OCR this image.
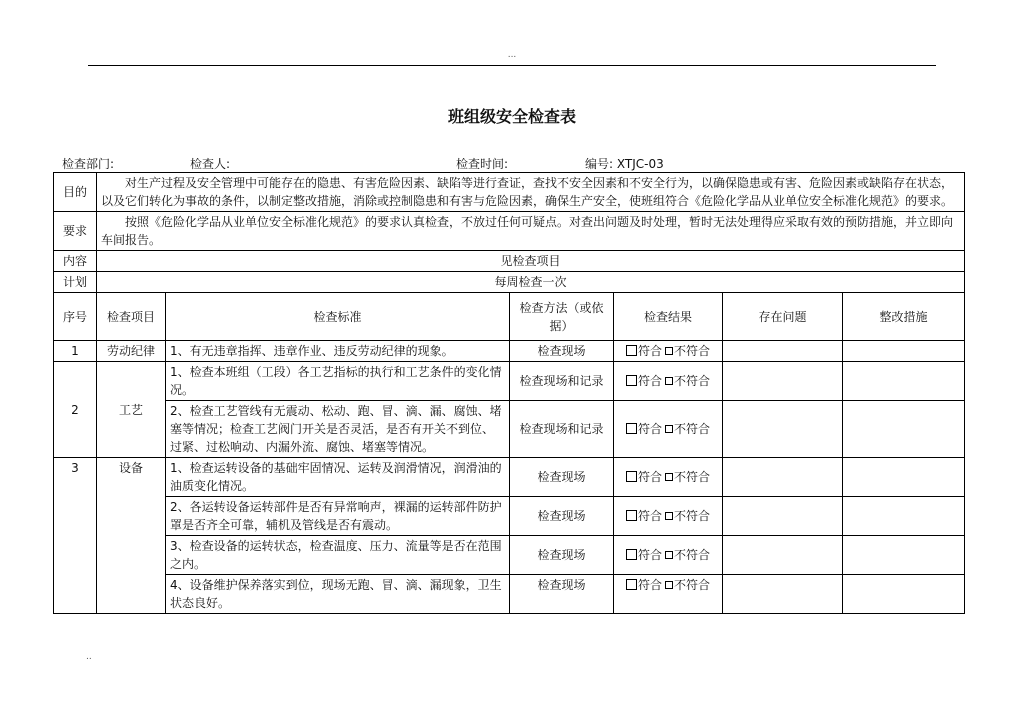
...
班组级安全检查表
检查部门:	检查人:	检查时间:	编号: XTJC-03
目的	对生产过程及安全管理中可能存在的隐患、有害危险因素、缺陷等进行查证，查找不安全因素和不安全行为，以确保隐患或有害、危险因素或缺陷存在状态，以及它们转化为事故的条件，以制定整改措施，消除或控制隐患和有害与危险因素，确保生产安全，使班组符合《危险化学品从业单位安全标准化规范》的要求。					
要求	按照《危险化学品从业单位安全标准化规范》的要求认真检查，不放过任何可疑点。对查出问题及时处理，暂时无法处理得应采取有效的预防措施，并立即向车间报告。					
内容	见检查项目					
计划	每周检查一次					
序号	检查项目	检查标准	检查方法（或依据）	检查结果	存在问题	整改措施
1	劳动纪律	1、有无违章指挥、违章作业、违反劳动纪律的现象。	检查现场	符合 不符合		
2	工艺	1、检查本班组（工段）各工艺指标的执行和工艺条件的变化情况。	检查现场和记录	符合 不符合		
		2、检查工艺管线有无震动、松动、跑、冒、滴、漏、腐蚀、堵塞等情况；检查工艺阀门开关是否灵活，是否有开关不到位、过紧、过松响动、内漏外流、腐蚀、堵塞等情况。	检查现场和记录	符合 不符合		
3	设备	1、检查运转设备的基础牢固情况、运转及润滑情况，润滑油的油质变化情况。	检查现场	符合 不符合		
		2、各运转设备运转部件是否有异常响声，裸漏的运转部件防护罩是否齐全可靠，辅机及管线是否有震动。	检查现场	符合 不符合		
		3、检查设备的运转状态，检查温度、压力、流量等是否在范围之内。	检查现场	符合 不符合		
		4、设备维护保养落实到位，现场无跑、冒、滴、漏现象，卫生状态良好。	检查现场	符合 不符合		
..
